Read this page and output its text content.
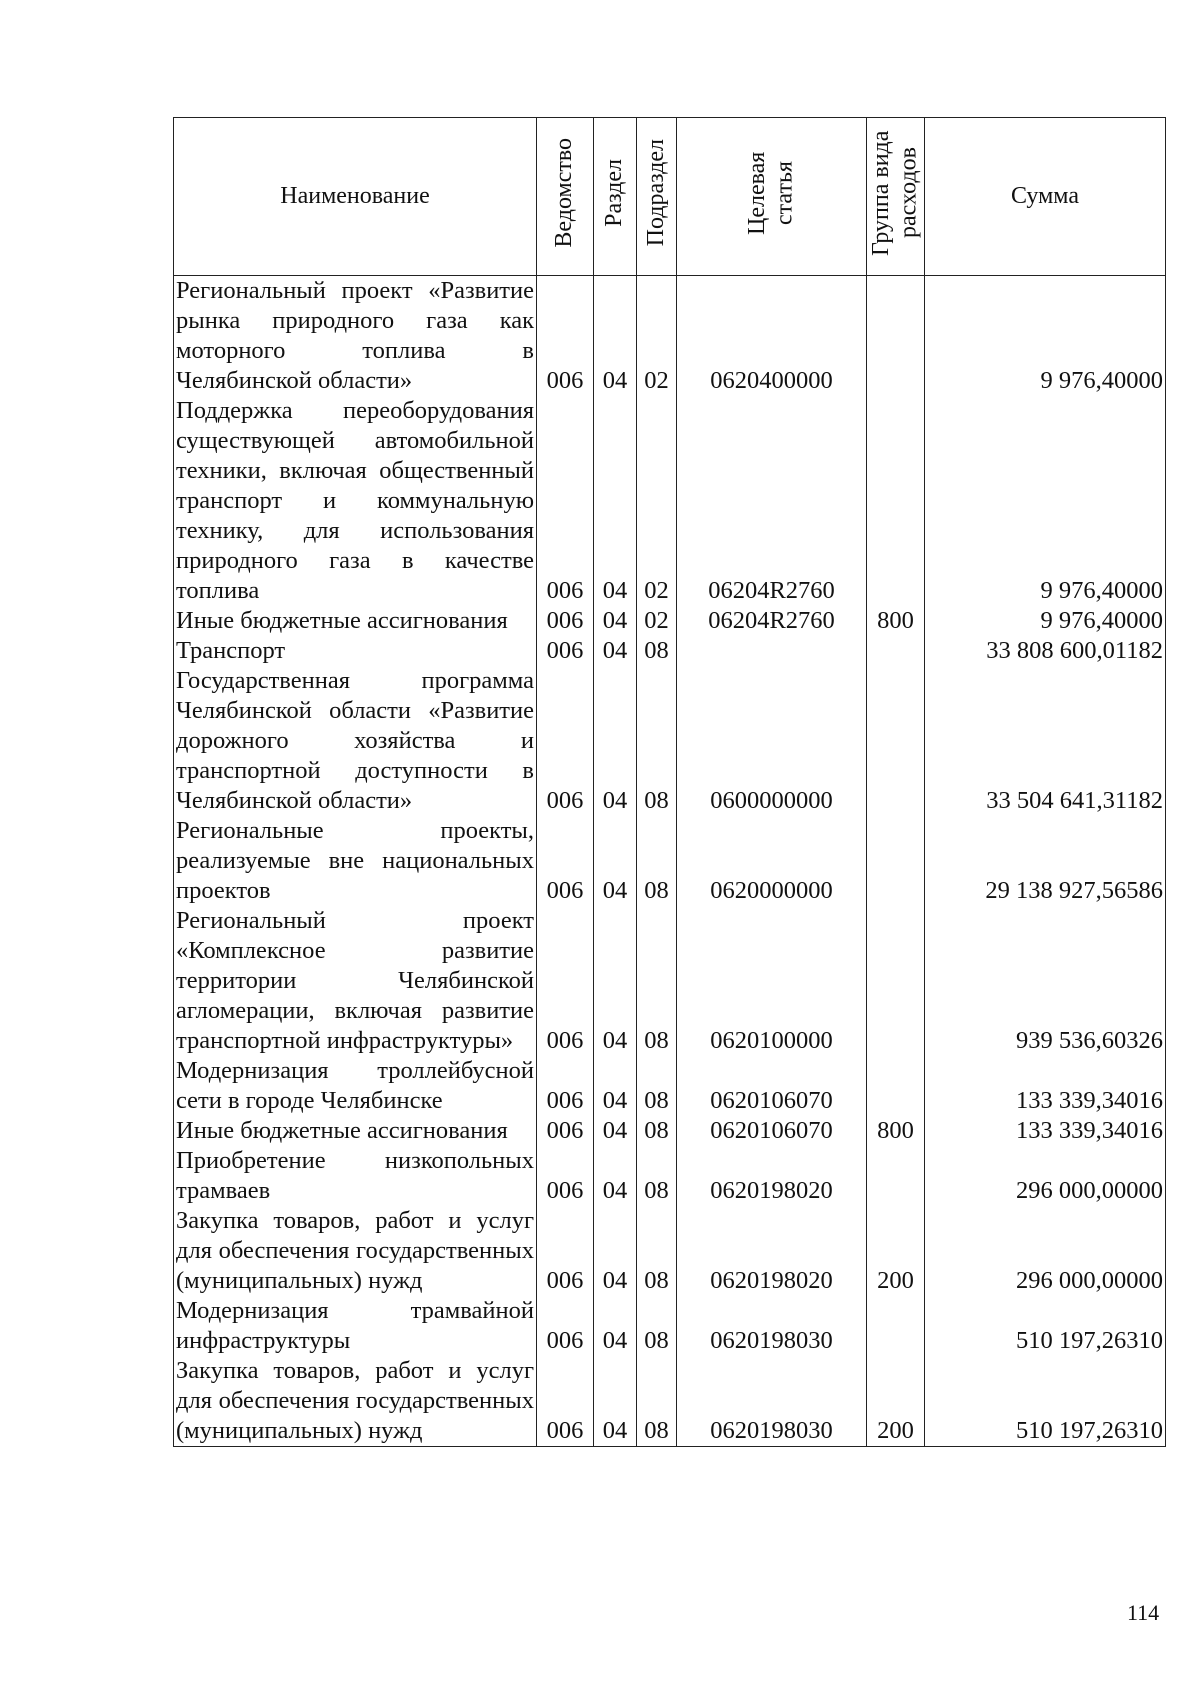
Наименование	Ведомство	Раздел	Подраздел	Целевая статья	Группа вида расходов	Сумма
Региональный проект «Развитие рынка природного газа как моторного топлива в Челябинской области»	006	04	02	0620400000		9 976,40000
Поддержка переоборудования существующей автомобильной техники, включая общественный транспорт и коммунальную технику, для использования природного газа в качестве топлива	006	04	02	06204R2760		9 976,40000
Иные бюджетные ассигнования	006	04	02	06204R2760	800	9 976,40000
Транспорт	006	04	08			33 808 600,01182
Государственная программа Челябинской области «Развитие дорожного хозяйства и транспортной доступности в Челябинской области»	006	04	08	0600000000		33 504 641,31182
Региональные проекты, реализуемые вне национальных проектов	006	04	08	0620000000		29 138 927,56586
Региональный проект «Комплексное развитие территории Челябинской агломерации, включая развитие транспортной инфраструктуры»	006	04	08	0620100000		939 536,60326
Модернизация троллейбусной сети в городе Челябинске	006	04	08	0620106070		133 339,34016
Иные бюджетные ассигнования	006	04	08	0620106070	800	133 339,34016
Приобретение низкопольных трамваев	006	04	08	0620198020		296 000,00000
Закупка товаров, работ и услуг для обеспечения государственных (муниципальных) нужд	006	04	08	0620198020	200	296 000,00000
Модернизация трамвайной инфраструктуры	006	04	08	0620198030		510 197,26310
Закупка товаров, работ и услуг для обеспечения государственных (муниципальных) нужд	006	04	08	0620198030	200	510 197,26310
114
